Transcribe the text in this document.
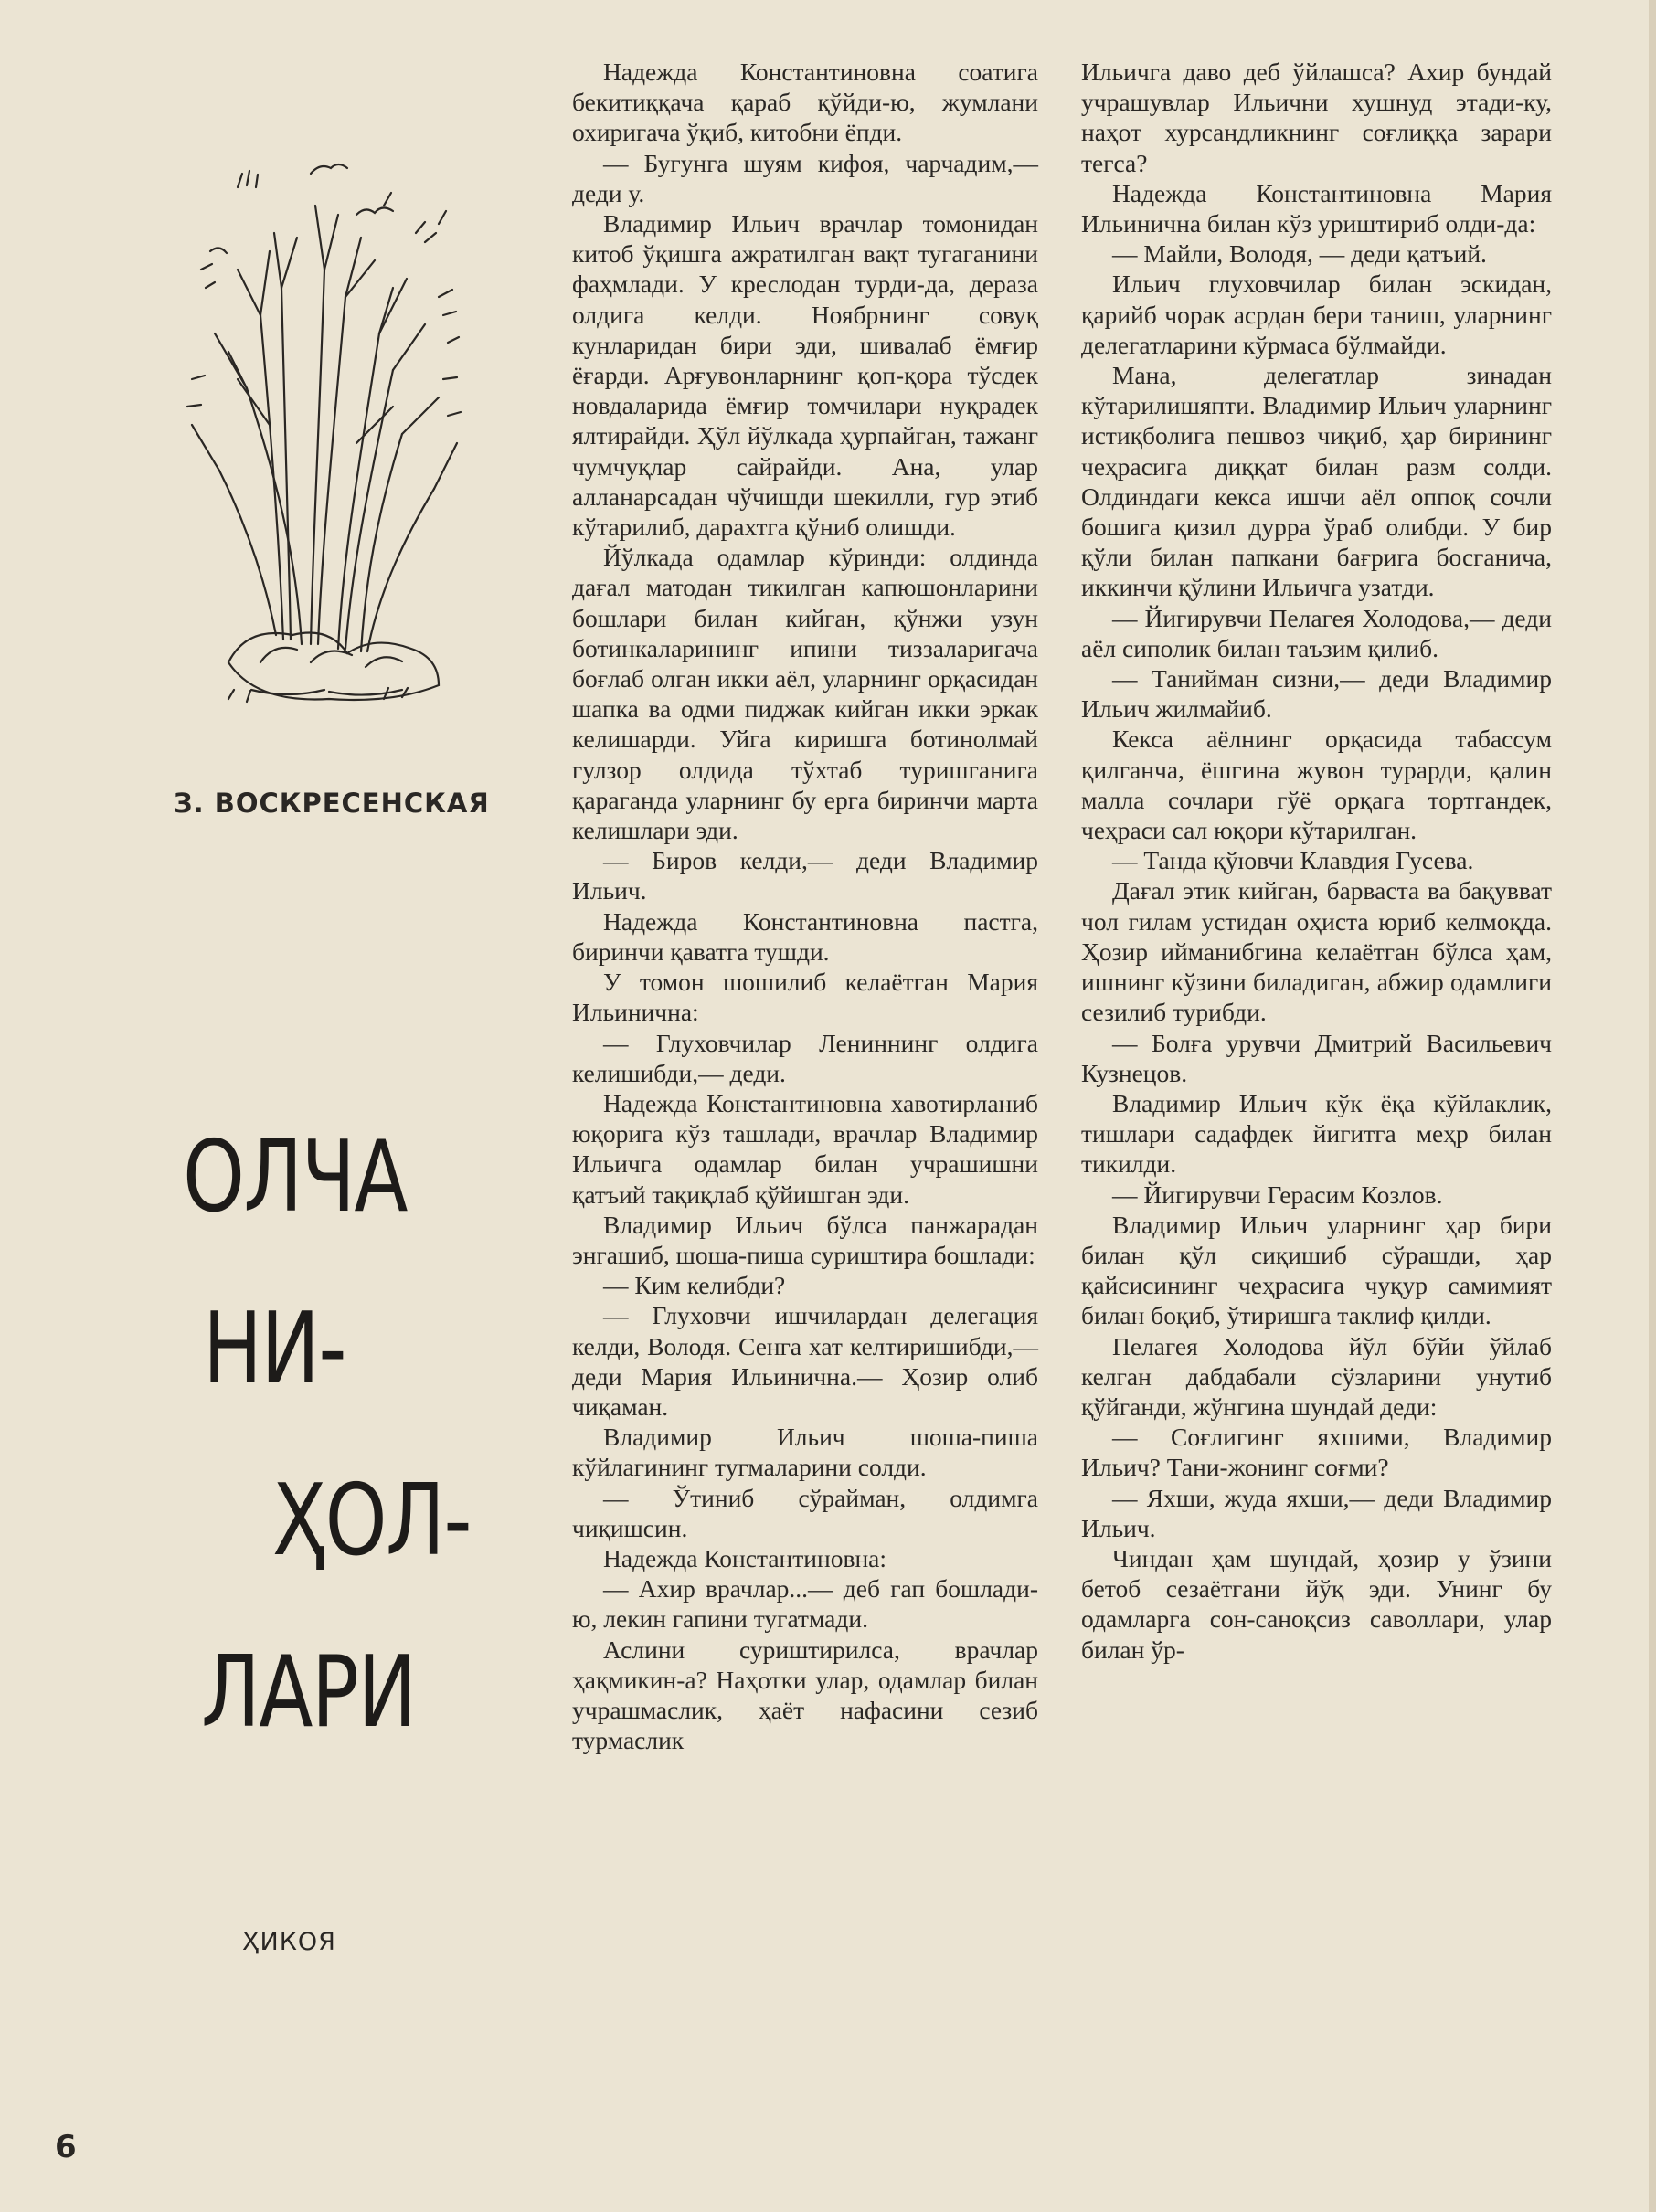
З. ВОСКРЕСЕНСКАЯ
ОЛЧА
НИ-
ҲОЛ-
ЛАРИ
ҲИКОЯ
6

Надежда Константиновна соатига бекитиққача қараб қўйди-ю, жумлани охиригача ўқиб, китобни ёпди.

— Бугунга шуям кифоя, чарчадим,— деди у.

Владимир Ильич врачлар томонидан китоб ўқишга ажратилган вақт тугаганини фаҳмлади. У креслодан турди-да, дераза олдига келди. Ноябрнинг совуқ кунларидан бири эди, шивалаб ёмғир ёғарди. Арғувонларнинг қоп-қора тўсдек новдаларида ёмғир томчилари нуқрадек ялтирайди. Ҳўл йўлкада ҳурпайган, тажанг чумчуқлар сайрайди. Ана, улар алланарсадан чўчишди шекилли, гур этиб кўтарилиб, дарахтга қўниб олишди.

Йўлкада одамлар кўринди: олдинда дағал матодан тикилган капюшонларини бошлари билан кийган, қўнжи узун ботинкаларининг ипини тиззаларигача боғлаб олган икки аёл, уларнинг орқасидан шапка ва одми пиджак кийган икки эркак келишарди. Уйга киришга ботинолмай гулзор олдида тўхтаб туришганига қараганда уларнинг бу ерга биринчи марта келишлари эди.

— Биров келди,— деди Владимир Ильич.

Надежда Константиновна пастга, биринчи қаватга тушди.

У томон шошилиб келаётган Мария Ильинична:

— Глуховчилар Лениннинг олдига келишибди,— деди.

Надежда Константиновна хавотирланиб юқорига кўз ташлади, врачлар Владимир Ильичга одамлар билан учрашишни қатъий тақиқлаб қўйишган эди.

Владимир Ильич бўлса панжарадан энгашиб, шоша-пиша суриштира бошлади:

— Ким келибди?

— Глуховчи ишчилардан делегация келди, Володя. Сенга хат келтиришибди,— деди Мария Ильинична.— Ҳозир олиб чиқаман.

Владимир Ильич шоша-пиша кўйлагининг тугмаларини солди.

— Ўтиниб сўрайман, олдимга чиқишсин.

Надежда Константиновна:

— Ахир врачлар...— деб гап бошлади-ю, лекин гапини тугатмади.

Аслини суриштирилса, врачлар ҳақмикин-а? Наҳотки улар, одамлар билан учрашмаслик, ҳаёт нафасини сезиб турмаслик

Ильичга даво деб ўйлашса? Ахир бундай учрашувлар Ильични хушнуд этади-ку, наҳот хурсандликнинг соғлиққа зарари тегса?

Надежда Константиновна Мария Ильинична билан кўз уриштириб олди-да:

— Майли, Володя, — деди қатъий.

Ильич глуховчилар билан эскидан, қарийб чорак асрдан бери таниш, уларнинг делегатларини кўрмаса бўлмайди.

Мана, делегатлар зинадан кўтарилишяпти. Владимир Ильич уларнинг истиқболига пешвоз чиқиб, ҳар бирининг чеҳрасига диққат билан разм солди. Олдиндаги кекса ишчи аёл оппоқ сочли бошига қизил дурра ўраб олибди. У бир қўли билан папкани бағрига босганича, иккинчи қўлини Ильичга узатди.

— Йигирувчи Пелагея Холодова,— деди аёл сиполик билан таъзим қилиб.

— Танийман сизни,— деди Владимир Ильич жилмайиб.

Кекса аёлнинг орқасида табассум қилганча, ёшгина жувон турарди, қалин малла сочлари гўё орқага тортгандек, чеҳраси сал юқори кўтарилган.

— Танда қўювчи Клавдия Гусева.

Дағал этик кийган, барваста ва бақувват чол гилам устидан оҳиста юриб келмоқда. Ҳозир ийманибгина келаётган бўлса ҳам, ишнинг кўзини биладиган, абжир одамлиги сезилиб турибди.

— Болға урувчи Дмитрий Васильевич Кузнецов.

Владимир Ильич кўк ёқа кўйлаклик, тишлари садафдек йигитга меҳр билан тикилди.

— Йигирувчи Герасим Козлов.

Владимир Ильич уларнинг ҳар бири билан қўл сиқишиб сўрашди, ҳар қайсисининг чеҳрасига чуқур самимият билан боқиб, ўтиришга таклиф қилди.

Пелагея Холодова йўл бўйи ўйлаб келган дабдабали сўзларини унутиб қўйганди, жўнгина шундай деди:

— Соғлигинг яхшими, Владимир Ильич? Тани-жонинг соғми?

— Яхши, жуда яхши,— деди Владимир Ильич.

Чиндан ҳам шундай, ҳозир у ўзини бетоб сезаётгани йўқ эди. Унинг бу одамларга сон-саноқсиз саволлари, улар билан ўр-
